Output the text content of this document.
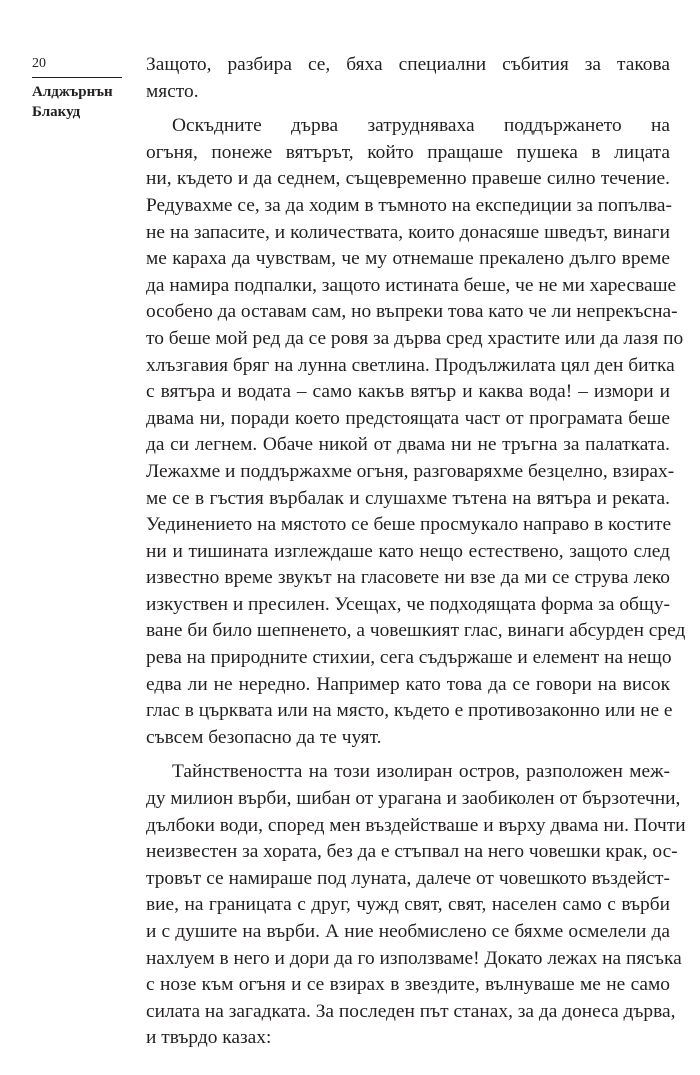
20
Алджърнън
Блакуд

Защото, разбира се, бяха специални събития за такова
място.

Оскъдните дърва затрудняваха поддържането на
огъня, понеже вятърът, който пращаше пушека в лицата
ни, където и да седнем, същевременно правеше силно течение.
Редувахме се, за да ходим в тъмното на експедиции за попълва-
не на запасите, и количествата, които донасяше шведът, винаги
ме караха да чувствам, че му отнемаше прекалено дълго време
да намира подпалки, защото истината беше, че не ми харесваше
особено да оставам сам, но въпреки това като че ли непрекъсна-
то беше мой ред да се ровя за дърва сред храстите или да лазя по
хлъзгавия бряг на лунна светлина. Продължилата цял ден битка
с вятъра и водата – само какъв вятър и каква вода! – измори и
двама ни, поради което предстоящата част от програмата беше
да си легнем. Обаче никой от двама ни не тръгна за палатката.
Лежахме и поддържахме огъня, разговаряхме безцелно, взирах-
ме се в гъстия върбалак и слушахме тътена на вятъра и реката.
Уединението на мястото се беше просмукало направо в костите
ни и тишината изглеждаше като нещо естествено, защото след
известно време звукът на гласовете ни взе да ми се струва леко
изкуствен и пресилен. Усещах, че подходящата форма за общу-
ване би било шепненето, а човешкият глас, винаги абсурден сред
рева на природните стихии, сега съдържаше и елемент на нещо
едва ли не нередно. Например като това да се говори на висок
глас в църквата или на място, където е противозаконно или не е
съвсем безопасно да те чуят.

Тайнствеността на този изолиран остров, разположен меж-
ду милион върби, шибан от урагана и заобиколен от бързотечни,
дълбоки води, според мен въздействаше и върху двама ни. Почти
неизвестен за хората, без да е стъпвал на него човешки крак, ос-
тровът се намираше под луната, далече от човешкото въздейст-
вие, на границата с друг, чужд свят, свят, населен само с върби
и с душите на върби. А ние необмислено се бяхме осмелели да
нахлуем в него и дори да го използваме! Докато лежах на пясъка
с нозе към огъня и се взирах в звездите, вълнуваше ме не само
силата на загадката. За последен път станах, за да донеса дърва,
и твърдо казах:
